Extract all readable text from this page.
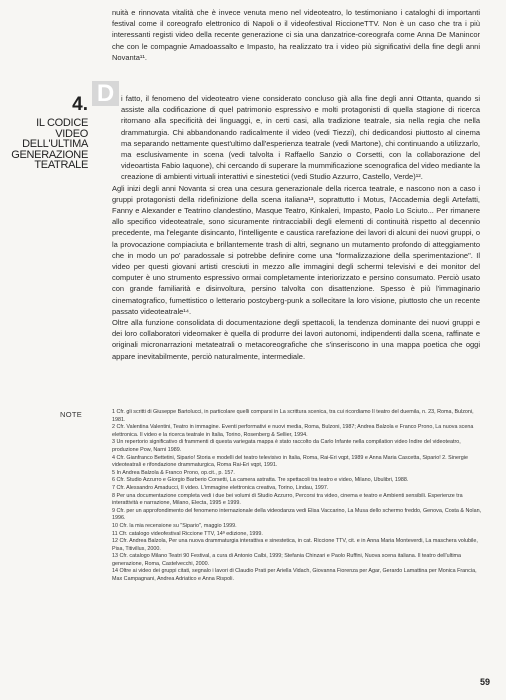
nuità e rinnovata vitalità che è invece venuta meno nel videoteatro, lo testimoniano i cataloghi di importanti festival come il coreografo elettronico di Napoli o il videofestival RiccioneTTV. Non è un caso che tra i più interessanti registi video della recente generazione ci sia una danzatrice-coreografa come Anna De Manincor che con le compagnie Amadoassalto e Impasto, ha realizzato tra i video più significativi della fine degli anni Novanta¹¹.

D
4.
IL CODICE
VIDEO
DELL'ULTIMA
GENERAZIONE
TEATRALE

i fatto, il fenomeno del videoteatro viene considerato concluso già alla fine degli anni Ottanta, quando si assiste alla codificazione di quel patrimonio espressivo e molti protagonisti di quella stagione di ricerca ritornano alla specificità dei linguaggi, e, in certi casi, alla tradizione teatrale, sia nella regia che nella drammaturgia. Chi abbandonando radicalmente il video (vedi Tiezzi), chi dedicandosi piuttosto al cinema ma separando nettamente quest'ultimo dall'esperienza teatrale (vedi Martone), chi continuando a utilizzarlo, ma esclusivamente in scena (vedi talvolta i Raffaello Sanzio o Corsetti, con la collaborazione del videoartista Fabio Iaquone), chi cercando di superare la mummificazione scenografica del video mediante la creazione di ambienti virtuali interattivi e sinestetici (vedi Studio Azzurro, Castello, Verde)¹².

Agli inizi degli anni Novanta si crea una cesura generazionale della ricerca teatrale, e nascono non a caso i gruppi protagonisti della ridefinizione della scena italiana¹³, soprattutto i Motus, l'Accademia degli Artefatti, Fanny e Alexander e Teatrino clandestino, Masque Teatro, Kinkaleri, Impasto, Paolo Lo Sciuto... Per rimanere allo specifico videoteatrale, sono sicuramente rintracciabili degli elementi di continuità rispetto al decennio precedente, ma l'elegante disincanto, l'intelligente e caustica rarefazione dei lavori di alcuni dei nuovi gruppi, o la provocazione compiaciuta e brillantemente trash di altri, segnano un mutamento profondo di atteggiamento che in modo un po' paradossale si potrebbe definire come una "formalizzazione della sperimentazione". Il video per questi giovani artisti cresciuti in mezzo alle immagini degli schermi televisivi e dei monitor del computer è uno strumento espressivo ormai completamente interiorizzato e persino consumato. Perciò usato con grande familiarità e disinvoltura, persino talvolta con disattenzione. Spesso è più l'immaginario cinematografico, fumettistico o letterario postcyberg-punk a sollecitare la loro visione, piuttosto che un recente passato videoteatrale¹⁴.

Oltre alla funzione consolidata di documentazione degli spettacoli, la tendenza dominante dei nuovi gruppi e dei loro collaboratori videomaker è quella di produrre dei lavori autonomi, indipendenti dalla scena, raffinate e originali micronarrazioni metateatrali o metacoreografiche che s'inseriscono in una mappa poetica che oggi appare inevitabilmente, perciò naturalmente, intermediale.

NOTE	1 Cfr. gli scritti di Giuseppe Bartolucci, in particolare quelli comparsi in La scrittura scenica, tra cui ricordiamo Il teatro del duemila, n. 23, Roma, Bulzoni, 1981.
2 Cfr. Valentina Valentini, Teatro in immagine. Eventi performativi e nuovi media, Roma, Bulzoni, 1987; Andrea Balzola e Franco Prono, La nuova scena elettronica. Il video e la ricerca teatrale in Italia, Torino, Rosenberg & Sellier, 1994.
3 Un repertorio significativo di frammenti di questa variegata mappa è stato raccolto da Carlo Infante nella compilation video Indire del videoteatro, produzione Pow, Narni 1989.
4 Cfr. Gianfranco Bettetini, Sipario! Storia e modelli del teatro televisivo in Italia, Roma, Rai-Eri vqpt, 1989 e Anna Maria Cascetta, Sipario! 2. Sinergie videoteatrali e rifondazione drammaturgica, Roma Rai-Eri vqpt, 1991.
5 In Andrea Balzola & Franco Prono, op.cit., p. 157.
6 Cfr. Studio Azzurro e Giorgio Barberio Corsetti, La camera astratta. Tre spettacoli tra teatro e video, Milano, Ubulibri, 1988.
7 Cfr. Alessandro Amaducci, Il video. L'immagine elettronica creativa, Torino, Lindau, 1997.
8 Per una documentazione completa vedi i due bei volumi di Studio Azzurro, Percorsi tra video, cinema e teatro e Ambienti sensibili. Esperienze tra interattività e narrazione, Milano, Electa, 1995 e 1999.
9 Cfr. per un approfondimento del fenomeno internazionale della videodanza vedi Elisa Vaccarino, La Musa dello schermo freddo, Genova, Costa & Nolan, 1996.
10 Cfr. la mia recensione su "Sipario", maggio 1999.
11 Cfr. catalogo videofestival Riccione TTV, 14ª edizione, 1999.
12 Cfr. Andrea Balzola, Per una nuova drammaturgia interattiva e sinestetica, in cat. Riccione TTV, cit. e in Anna Maria Monteverdi, La maschera volubile, Pisa, Titivillus, 2000.
13 Cfr. catalogo Milano Teatri 90 Festival, a cura di Antonio Calbi, 1999; Stefania Chinzari e Paolo Ruffini, Nuova scena italiana. Il teatro dell'ultima generazione, Roma, Castelvecchi, 2000.
14 Oltre ai video dei gruppi citati, segnalo i lavori di Claudio Prati per Ariella Vidach, Giovanna Fiorenza per Agar, Gerardo Lamattina per Monica Francia, Max Campagnani, Andrea Adriatico e Anna Rispoli.
59
